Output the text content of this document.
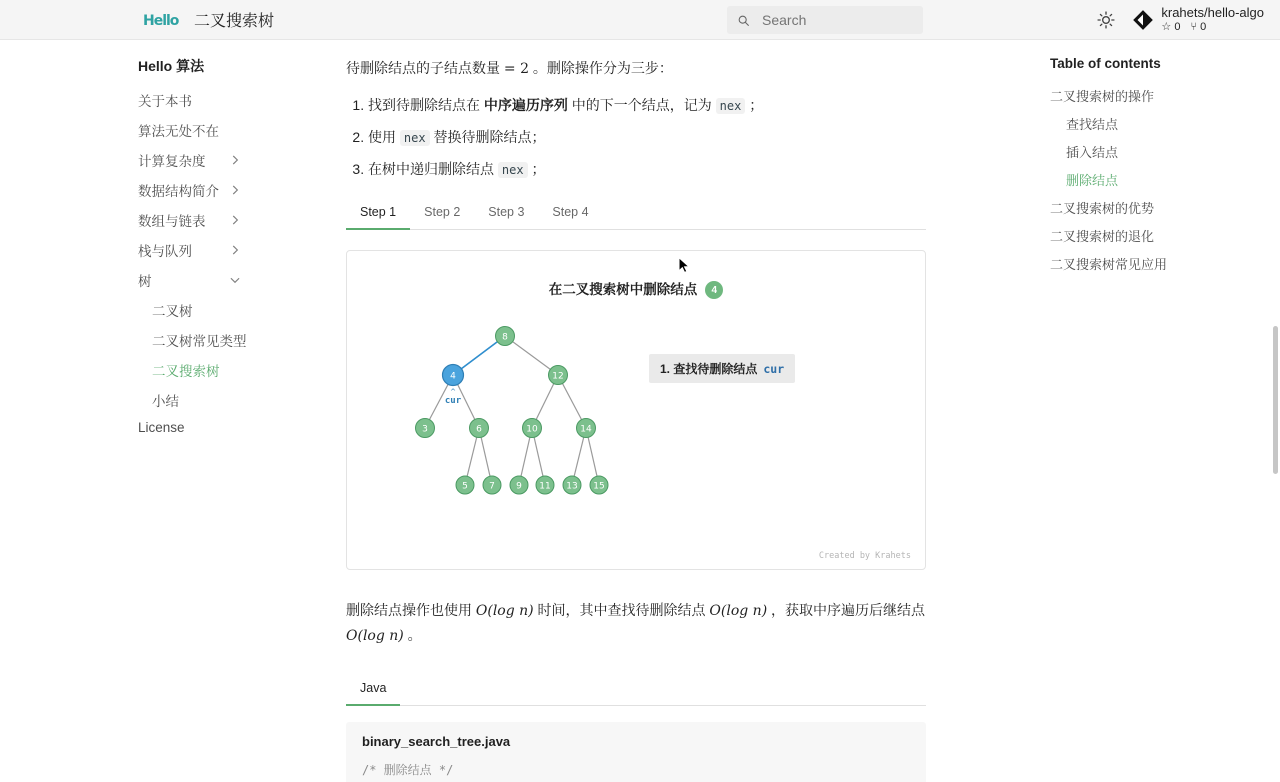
Hello 二叉搜索树
Search
krahets/hello-algo
☆ 0 ⑂ 0
Hello 算法
关于本书
算法无处不在
计算复杂度
数据结构简介
数组与链表
栈与队列
树
二叉树
二叉树常见类型
二叉搜索树
小结
License

待删除结点的子结点数量 = 2 。删除操作分为三步：

1. 找到待删除结点在 中序遍历序列 中的下一个结点，记为 nex ；
2. 使用 nex 替换待删除结点；
3. 在树中递归删除结点 nex ；
Step 1	Step 2	Step 3	Step 4
在二叉搜索树中删除结点 4
8
4	12
3	6	10	14
5 7 9 11 13 15
^
cur
1. 查找待删除结点 cur
Created by Krahets

删除结点操作也使用 O(log n) 时间，其中查找待删除结点 O(log n) ，获取中序遍历后继结点 O(log n) 。

Java
binary_search_tree.java
/* 删除结点 */
Table of contents
二叉搜索树的操作
查找结点
插入结点
删除结点
二叉搜索树的优势
二叉搜索树的退化
二叉搜索树常见应用
